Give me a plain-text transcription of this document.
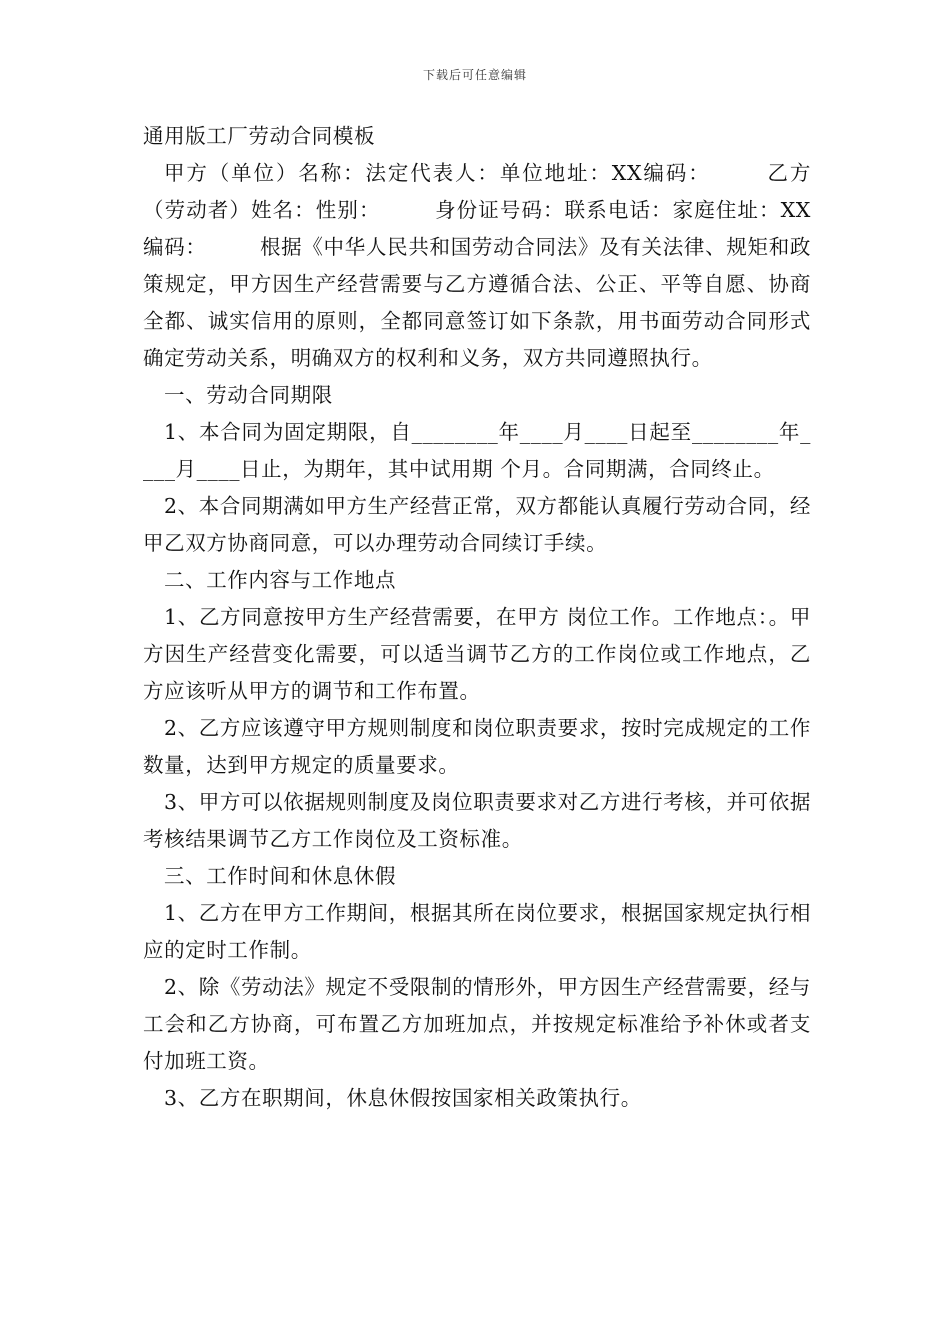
下载后可任意编辑

通用版工厂劳动合同模板

甲方（单位）名称：法定代表人：单位地址：XX编码：　　　乙方（劳动者）姓名：性别：　　　身份证号码：联系电话：家庭住址：XX编码：　　　根据《中华人民共和国劳动合同法》及有关法律、规矩和政策规定，甲方因生产经营需要与乙方遵循合法、公正、平等自愿、协商全都、诚实信用的原则，全都同意签订如下条款，用书面劳动合同形式确定劳动关系，明确双方的权利和义务，双方共同遵照执行。

一、劳动合同期限

1、本合同为固定期限，自________年____月____日起至________年____月____日止，为期年，其中试用期 个月。合同期满，合同终止。

2、本合同期满如甲方生产经营正常，双方都能认真履行劳动合同，经甲乙双方协商同意，可以办理劳动合同续订手续。

二、工作内容与工作地点

1、乙方同意按甲方生产经营需要，在甲方 岗位工作。工作地点：。甲方因生产经营变化需要，可以适当调节乙方的工作岗位或工作地点，乙方应该听从甲方的调节和工作布置。

2、乙方应该遵守甲方规则制度和岗位职责要求，按时完成规定的工作数量，达到甲方规定的质量要求。

3、甲方可以依据规则制度及岗位职责要求对乙方进行考核，并可依据考核结果调节乙方工作岗位及工资标准。

三、工作时间和休息休假

1、乙方在甲方工作期间，根据其所在岗位要求，根据国家规定执行相应的定时工作制。

2、除《劳动法》规定不受限制的情形外，甲方因生产经营需要，经与工会和乙方协商，可布置乙方加班加点，并按规定标准给予补休或者支付加班工资。

3、乙方在职期间，休息休假按国家相关政策执行。
